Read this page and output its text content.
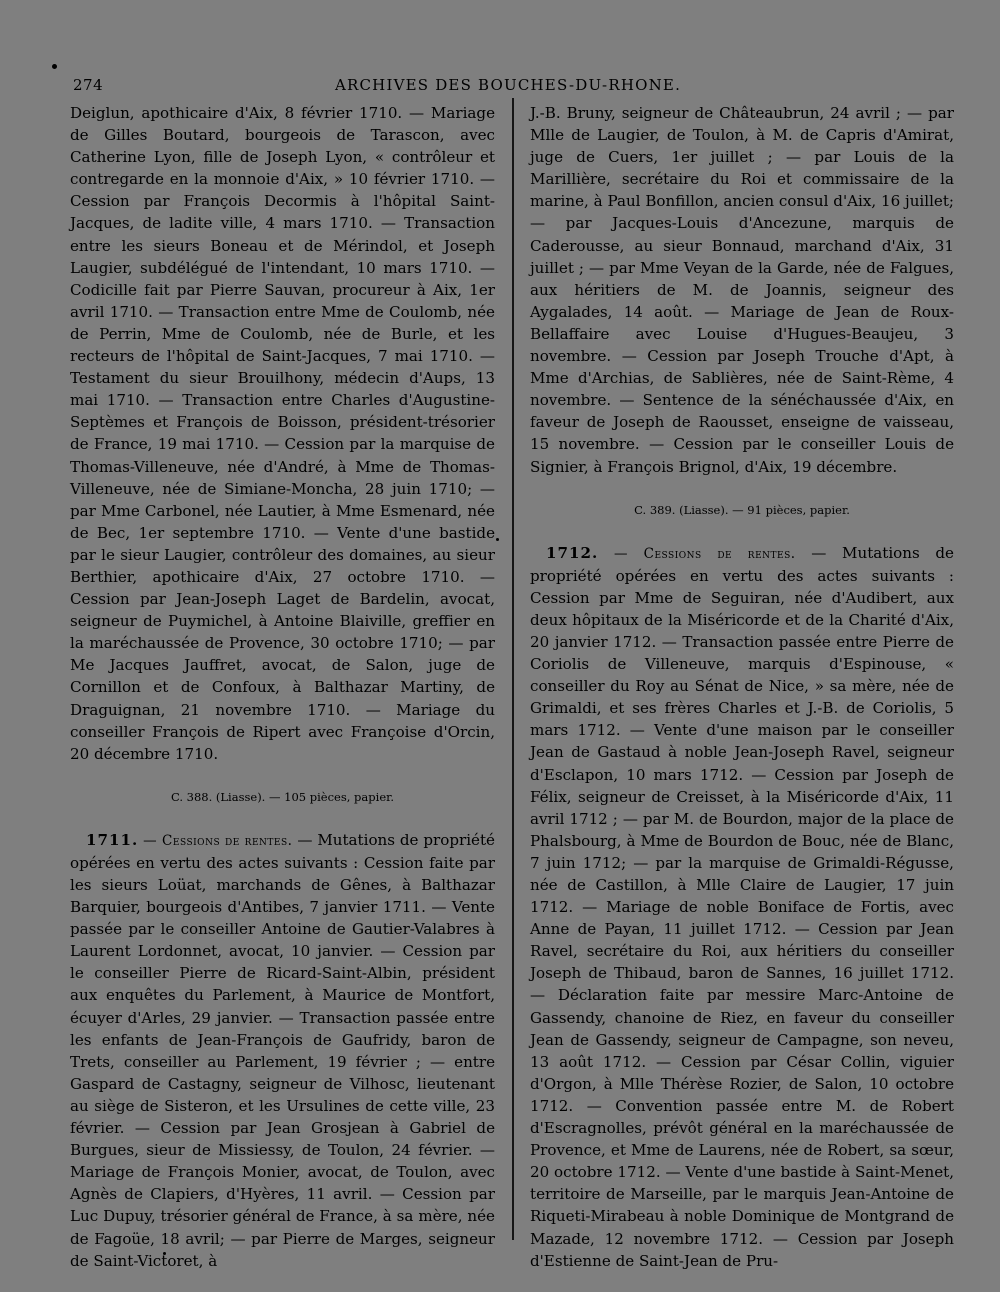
274	ARCHIVES DES BOUCHES-DU-RHONE.

Deiglun, apothicaire d'Aix, 8 février 1710. — Mariage de Gilles Boutard, bourgeois de Tarascon, avec Catherine Lyon, fille de Joseph Lyon, « contrôleur et contregarde en la monnoie d'Aix, » 10 février 1710. — Cession par François Decormis à l'hôpital Saint-Jacques, de ladite ville, 4 mars 1710. — Transaction entre les sieurs Boneau et de Mérindol, et Joseph Laugier, subdélégué de l'intendant, 10 mars 1710. — Codicille fait par Pierre Sauvan, procureur à Aix, 1er avril 1710. — Transaction entre Mme de Coulomb, née de Perrin, Mme de Coulomb, née de Burle, et les recteurs de l'hôpital de Saint-Jacques, 7 mai 1710. — Testament du sieur Brouilhony, médecin d'Aups, 13 mai 1710. — Transaction entre Charles d'Augustine-Septèmes et François de Boisson, président-trésorier de France, 19 mai 1710. — Cession par la marquise de Thomas-Villeneuve, née d'André, à Mme de Thomas-Villeneuve, née de Simiane-Moncha, 28 juin 1710; — par Mme Carbonel, née Lautier, à Mme Esmenard, née de Bec, 1er septembre 1710. — Vente d'une bastide par le sieur Laugier, contrôleur des domaines, au sieur Berthier, apothicaire d'Aix, 27 octobre 1710. — Cession par Jean-Joseph Laget de Bardelin, avocat, seigneur de Puymichel, à Antoine Blaiville, greffier en la maréchaussée de Provence, 30 octobre 1710; — par Me Jacques Jauffret, avocat, de Salon, juge de Cornillon et de Confoux, à Balthazar Martiny, de Draguignan, 21 novembre 1710. — Mariage du conseiller François de Ripert avec Françoise d'Orcin, 20 décembre 1710.

C. 388. (Liasse). — 105 pièces, papier.

1711. — Cessions de rentes. — Mutations de propriété opérées en vertu des actes suivants : Cession faite par les sieurs Loüat, marchands de Gênes, à Balthazar Barquier, bourgeois d'Antibes, 7 janvier 1711. — Vente passée par le conseiller Antoine de Gautier-Valabres à Laurent Lordonnet, avocat, 10 janvier. — Cession par le conseiller Pierre de Ricard-Saint-Albin, président aux enquêtes du Parlement, à Maurice de Montfort, écuyer d'Arles, 29 janvier. — Transaction passée entre les enfants de Jean-François de Gaufridy, baron de Trets, conseiller au Parlement, 19 février ; — entre Gaspard de Castagny, seigneur de Vilhosc, lieutenant au siège de Sisteron, et les Ursulines de cette ville, 23 février. — Cession par Jean Grosjean à Gabriel de Burgues, sieur de Missiessy, de Toulon, 24 février. — Mariage de François Monier, avocat, de Toulon, avec Agnès de Clapiers, d'Hyères, 11 avril. — Cession par Luc Dupuy, trésorier général de France, à sa mère, née de Fagoüe, 18 avril; — par Pierre de Marges, seigneur de Saint-Victoret, à

J.-B. Bruny, seigneur de Châteaubrun, 24 avril ; — par Mlle de Laugier, de Toulon, à M. de Capris d'Amirat, juge de Cuers, 1er juillet ; — par Louis de la Marillière, secrétaire du Roi et commissaire de la marine, à Paul Bonfillon, ancien consul d'Aix, 16 juillet; — par Jacques-Louis d'Ancezune, marquis de Caderousse, au sieur Bonnaud, marchand d'Aix, 31 juillet ; — par Mme Veyan de la Garde, née de Falgues, aux héritiers de M. de Joannis, seigneur des Aygalades, 14 août. — Mariage de Jean de Roux-Bellaffaire avec Louise d'Hugues-Beaujeu, 3 novembre. — Cession par Joseph Trouche d'Apt, à Mme d'Archias, de Sablières, née de Saint-Rème, 4 novembre. — Sentence de la sénéchaussée d'Aix, en faveur de Joseph de Raousset, enseigne de vaisseau, 15 novembre. — Cession par le conseiller Louis de Signier, à François Brignol, d'Aix, 19 décembre.

C. 389. (Liasse). — 91 pièces, papier.

1712. — Cessions de rentes. — Mutations de propriété opérées en vertu des actes suivants : Cession par Mme de Seguiran, née d'Audibert, aux deux hôpitaux de la Miséricorde et de la Charité d'Aix, 20 janvier 1712. — Transaction passée entre Pierre de Coriolis de Villeneuve, marquis d'Espinouse, « conseiller du Roy au Sénat de Nice, » sa mère, née de Grimaldi, et ses frères Charles et J.-B. de Coriolis, 5 mars 1712. — Vente d'une maison par le conseiller Jean de Gastaud à noble Jean-Joseph Ravel, seigneur d'Esclapon, 10 mars 1712. — Cession par Joseph de Félix, seigneur de Creisset, à la Miséricorde d'Aix, 11 avril 1712 ; — par M. de Bourdon, major de la place de Phalsbourg, à Mme de Bourdon de Bouc, née de Blanc, 7 juin 1712; — par la marquise de Grimaldi-Régusse, née de Castillon, à Mlle Claire de Laugier, 17 juin 1712. — Mariage de noble Boniface de Fortis, avec Anne de Payan, 11 juillet 1712. — Cession par Jean Ravel, secrétaire du Roi, aux héritiers du conseiller Joseph de Thibaud, baron de Sannes, 16 juillet 1712. — Déclaration faite par messire Marc-Antoine de Gassendy, chanoine de Riez, en faveur du conseiller Jean de Gassendy, seigneur de Campagne, son neveu, 13 août 1712. — Cession par César Collin, viguier d'Orgon, à Mlle Thérèse Rozier, de Salon, 10 octobre 1712. — Convention passée entre M. de Robert d'Escragnolles, prévôt général en la maréchaussée de Provence, et Mme de Laurens, née de Robert, sa sœur, 20 octobre 1712. — Vente d'une bastide à Saint-Menet, territoire de Marseille, par le marquis Jean-Antoine de Riqueti-Mirabeau à noble Dominique de Montgrand de Mazade, 12 novembre 1712. — Cession par Joseph d'Estienne de Saint-Jean de Pru-
